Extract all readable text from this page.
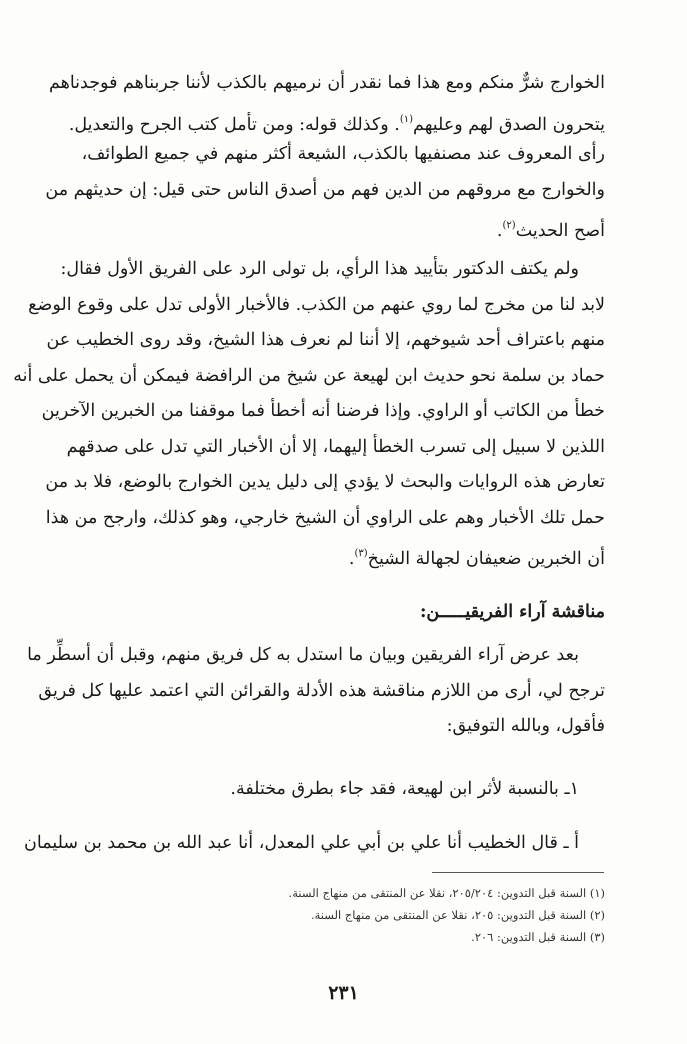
الخوارج شرٌّ منكم ومع هذا فما نقدر أن نرميهم بالكذب لأننا جربناهم فوجدناهم
يتحرون الصدق لهم وعليهم$^{(١)}$. وكذلك قوله: ومن تأمل كتب الجرح والتعديل.
رأى المعروف عند مصنفيها بالكذب، الشيعة أكثر منهم في جميع الطوائف،
والخوارج مع مروقهم من الدين فهم من أصدق الناس حتى قيل: إن حديثهم من
أصح الحديث$^{(٢)}$.
ولم يكتف الدكتور بتأييد هذا الرأي، بل تولى الرد على الفريق الأول فقال:
لابد لنا من مخرج لما روي عنهم من الكذب. فالأخبار الأولى تدل على وقوع الوضع
منهم باعتراف أحد شيوخهم، إلا أننا لم نعرف هذا الشيخ، وقد روى الخطيب عن
حماد بن سلمة نحو حديث ابن لهيعة عن شيخ من الرافضة فيمكن أن يحمل على أنه
خطأ من الكاتب أو الراوي. وإذا فرضنا أنه أخطأ فما موقفنا من الخبرين الآخرين
اللذين لا سبيل إلى تسرب الخطأ إليهما، إلا أن الأخبار التي تدل على صدقهم
تعارض هذه الروايات والبحث لا يؤدي إلى دليل يدين الخوارج بالوضع، فلا بد من
حمل تلك الأخبار وهم على الراوي أن الشيخ خارجي، وهو كذلك، وارجح من هذا
أن الخبرين ضعيفان لجهالة الشيخ$^{(٣)}$.
مناقشة آراء الفريقيـــــن:
بعد عرض آراء الفريقين وبيان ما استدل به كل فريق منهم، وقبل أن أسطِّر ما
ترجح لي، أرى من اللازم مناقشة هذه الأدلة والقرائن التي اعتمد عليها كل فريق
فأقول، وبالله التوفيق:
١ـ بالنسبة لأثر ابن لهيعة، فقد جاء بطرق مختلفة.
أ ـ قال الخطيب أنا علي بن أبي علي المعدل، أنا عبد الله بن محمد بن سليمان
(١) السنة قبل التدوين: ٢٠٥/٢٠٤، نقلا عن المنتقى من منهاج السنة.
(٢) السنة قبل التدوين: ٢٠٥، نقلا عن المنتقى من منهاج السنة.
(٣) السنة قبل التدوين: ٢٠٦.
٢٣١
